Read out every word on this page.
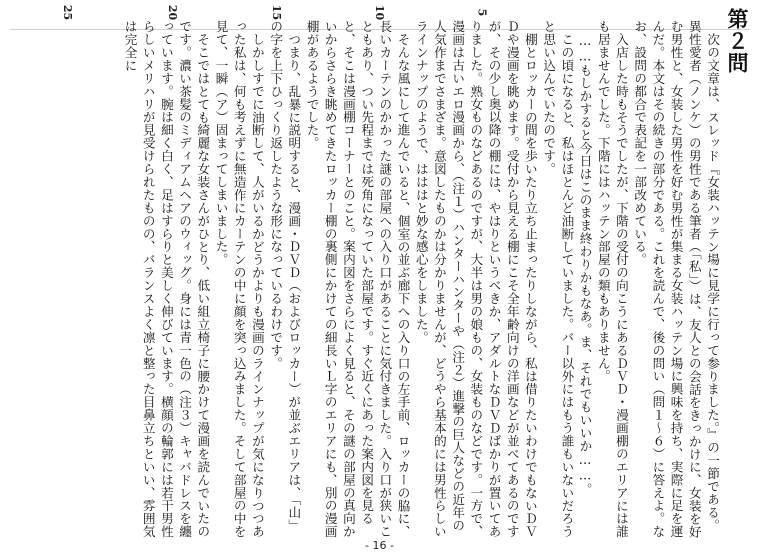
5
10
15
20
25	第２問

次の文章は、スレッド『女装ハッテン場に見学に行って参りました。』の一節である。異性愛者（ノンケ）の男性である筆者（「私」）は、友人との会話をきっかけに、女装を好む男性と、女装した男性を好む男性が集まる女装ハッテン場に興味を持ち、実際に足を運んだ。本文はその続きの部分である。これを読んで、後の問い（問１～６）に答えよ。なお、設問の都合で表記を一部改めている。

入店した時もそうでしたが、下階の受付の向こうにあるＤＶＤ・漫画棚のエリアには誰も居ませんでした。下階にはハッテン部屋の類もありません。

……もしかすると今日はこのまま終わりかもなあ。ま、それでもいいか……。

この頃になると、私はほとんど油断していました。バー以外にはもう誰もいないだろうと思い込んでいたのです。

棚とロッカーの間を歩いたり立ち止まったりしながら、私は借りたいわけでもないＤＶＤや漫画を眺めます。受付から見える棚にこそ全年齢向けの洋画などが並べてあるのですが、その少し奥以降の棚には、やはりというべきか、アダルトなＤＶＤばかりが置いてありました。熟女ものなどあるのですが、大半は男の娘もの、女装ものなどです。一方で、漫画は古いエロ漫画から、（注１）ハンターハンターや（注２）進撃の巨人などの近年の人気作までさまざま。意図したものかは分かりませんが、どうやら基本的には男性らしいラインナップのようで、はははと妙な感心をしました。

そんな風にして進んでいると、個室の並ぶ廊下への入り口の左手前、ロッカーの脇に、長いカーテンのかかった謎の部屋への入り口があることに気付きました。入り口が狭いこともあり、つい先程までは死角になっていた部屋です。すぐ近くにあった案内図を見ると、そこは漫画棚コーナーとのこと。案内図をさらによく見ると、その謎の部屋の真向かいからさらき眺めてきたロッカー棚の裏側にかけての細長いＬ字のエリアにも、別の漫画棚があるようでした。

つまり、乱暴に説明すると、漫画・ＤＶＤ（およびロッカー）が並ぶエリアは、「山」の字を上下ひっくり返したような形になっているわけです。

しかしすでに油断して、人がいるかどうかよりも漫画のラインナップが気になりつつあった私は、何も考えずに無造作にカーテンの中に顔を突っ込みました。そして部屋の中を見て、一瞬（ア）固まってしまいました。

そこではとても綺麗な女装さんがひとり、低い組立椅子に腰かけて漫画を読んでいたのです。濃い茶髪のミディアムヘアのウィッグ。身には青一色の（注３）キャバドレスを纏っています。腕は細く白く、足はすらりと美しく伸びています。横顔の輪郭には若干男性らしいメリハリが見受けられたものの、バランスよく凛と整った目鼻立ちといい、雰囲気は完全に

- 16 -
